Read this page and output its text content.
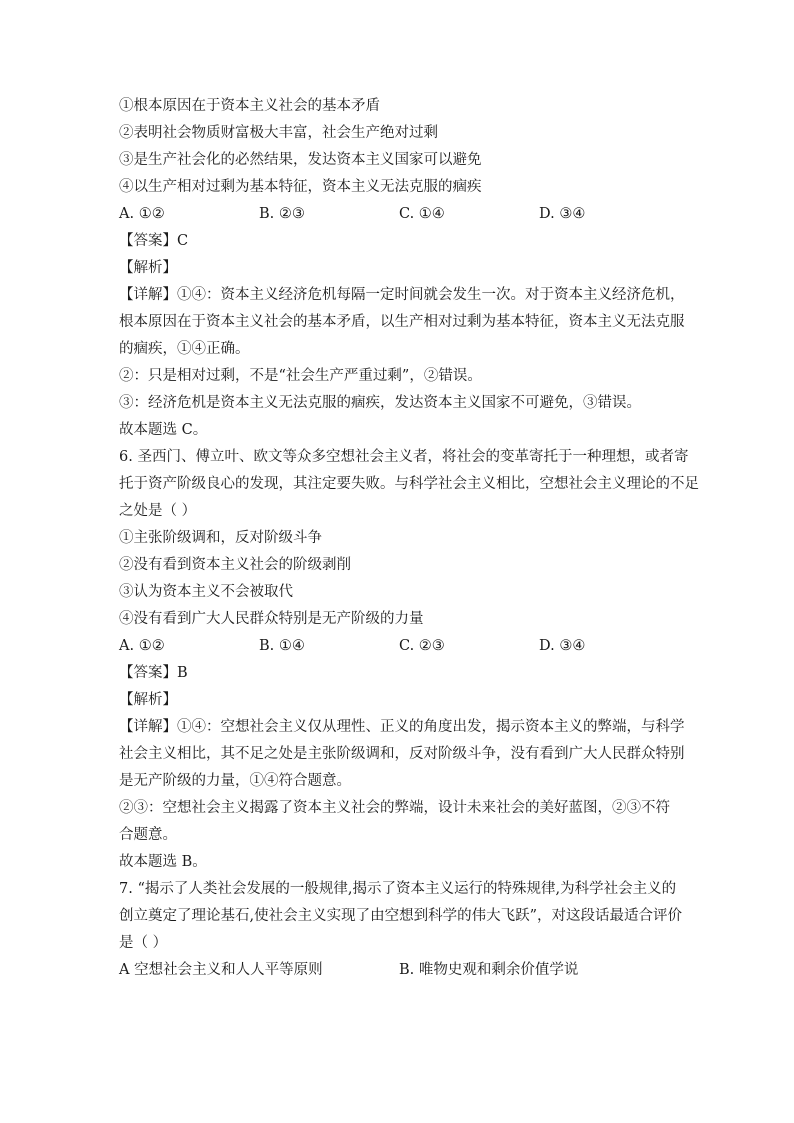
①根本原因在于资本主义社会的基本矛盾
②表明社会物质财富极大丰富，社会生产绝对过剩
③是生产社会化的必然结果，发达资本主义国家可以避免
④以生产相对过剩为基本特征，资本主义无法克服的痼疾
A. ①②	B. ②③	C. ①④	D. ③④
【答案】C
【解析】
【详解】①④：资本主义经济危机每隔一定时间就会发生一次。对于资本主义经济危机，
根本原因在于资本主义社会的基本矛盾，以生产相对过剩为基本特征，资本主义无法克服
的痼疾，①④正确。
②：只是相对过剩，不是“社会生产严重过剩”，②错误。
③：经济危机是资本主义无法克服的痼疾，发达资本主义国家不可避免，③错误。
故本题选 C。
6. 圣西门、傅立叶、欧文等众多空想社会主义者，将社会的变革寄托于一种理想，或者寄
托于资产阶级良心的发现，其注定要失败。与科学社会主义相比，空想社会主义理论的不足
之处是（ ）
①主张阶级调和，反对阶级斗争
②没有看到资本主义社会的阶级剥削
③认为资本主义不会被取代
④没有看到广大人民群众特别是无产阶级的力量
A. ①②	B. ①④	C. ②③	D. ③④
【答案】B
【解析】
【详解】①④：空想社会主义仅从理性、正义的角度出发，揭示资本主义的弊端，与科学
社会主义相比，其不足之处是主张阶级调和，反对阶级斗争，没有看到广大人民群众特别
是无产阶级的力量，①④符合题意。
②③：空想社会主义揭露了资本主义社会的弊端，设计未来社会的美好蓝图，②③不符
合题意。
故本题选 B。
7. “揭示了人类社会发展的一般规律,揭示了资本主义运行的特殊规律,为科学社会主义的
创立奠定了理论基石,使社会主义实现了由空想到科学的伟大飞跃”，对这段话最适合评价
是（ ）
A 空想社会主义和人人平等原则	B. 唯物史观和剩余价值学说
